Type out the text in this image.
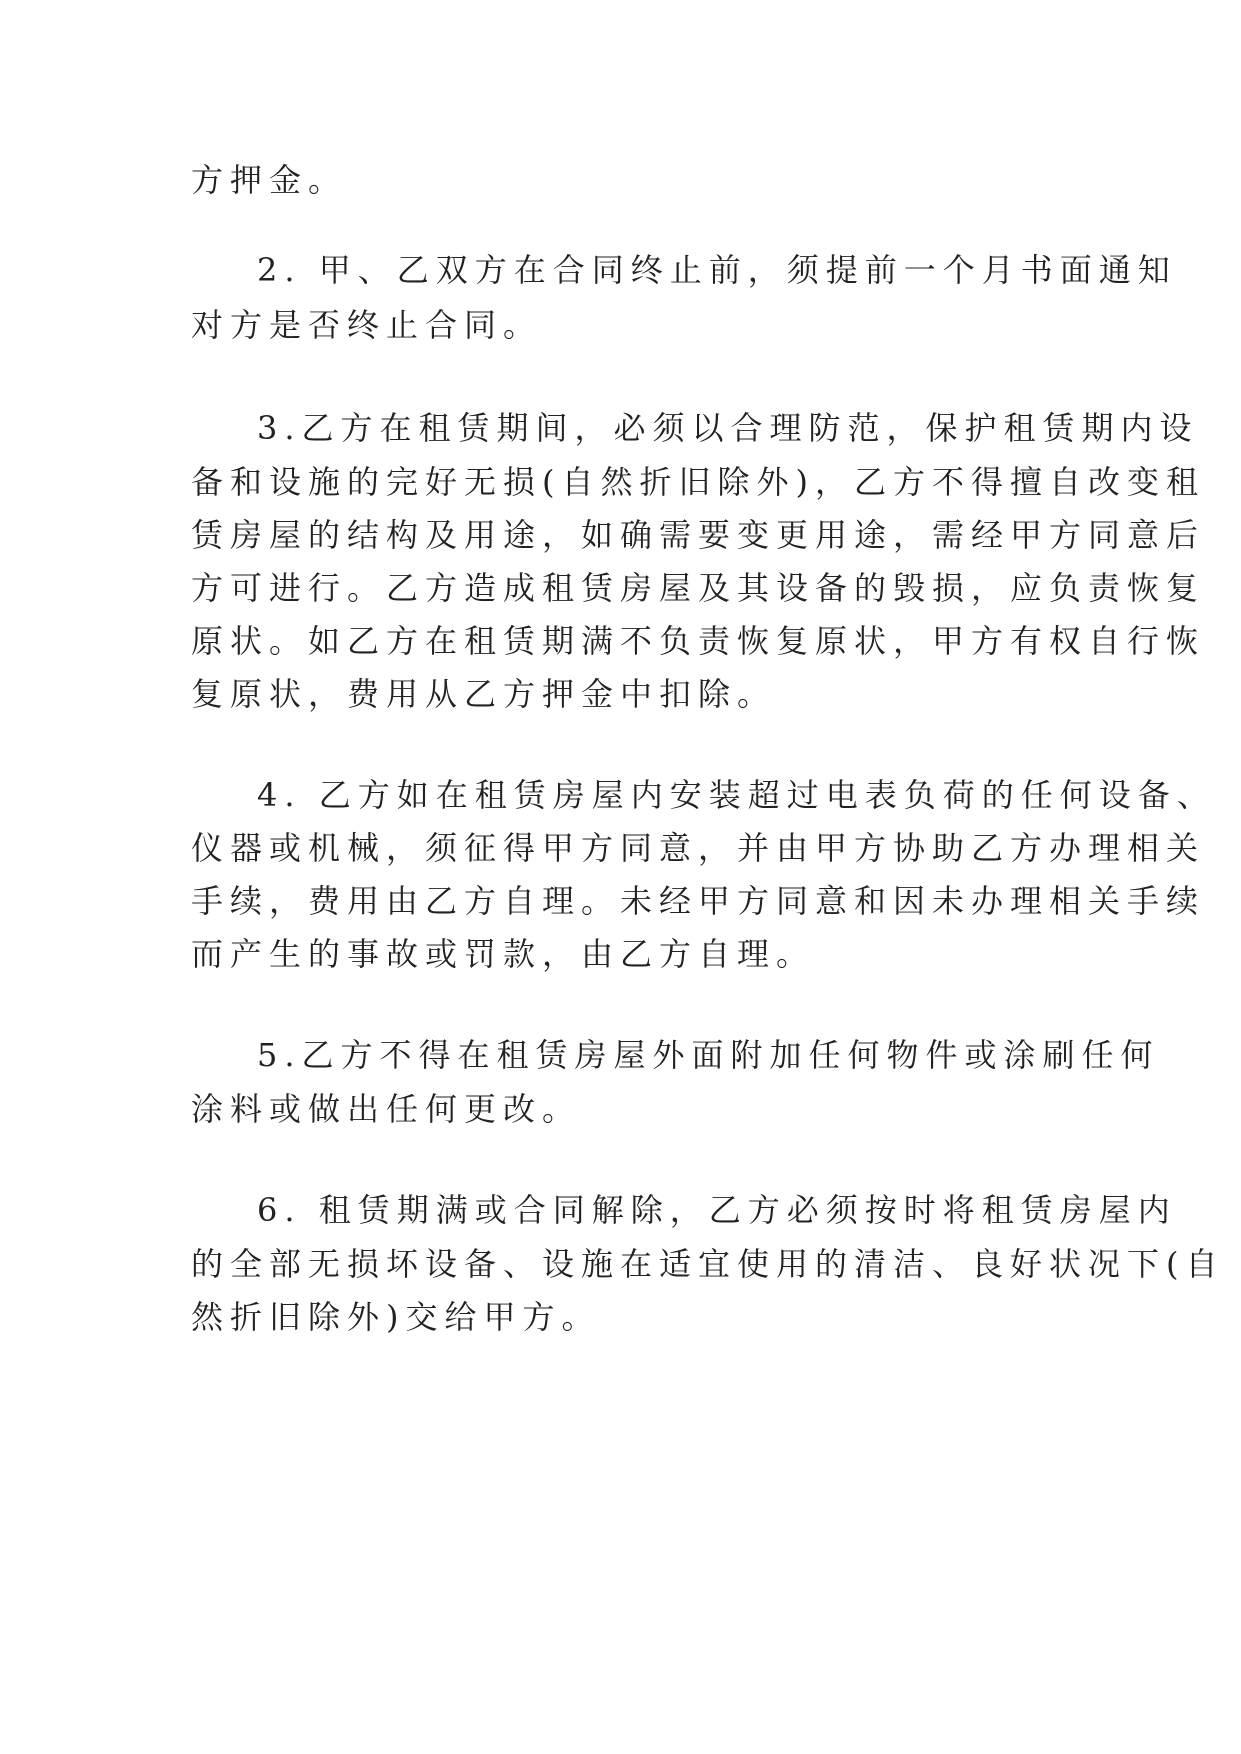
方押金。
2. 甲、乙双方在合同终止前，须提前一个月书面通知
对方是否终止合同。
3.乙方在租赁期间，必须以合理防范，保护租赁期内设
备和设施的完好无损(自然折旧除外)，乙方不得擅自改变租
赁房屋的结构及用途，如确需要变更用途，需经甲方同意后
方可进行。乙方造成租赁房屋及其设备的毁损，应负责恢复
原状。如乙方在租赁期满不负责恢复原状，甲方有权自行恢
复原状，费用从乙方押金中扣除。
4. 乙方如在租赁房屋内安装超过电表负荷的任何设备、
仪器或机械，须征得甲方同意，并由甲方协助乙方办理相关
手续，费用由乙方自理。未经甲方同意和因未办理相关手续
而产生的事故或罚款，由乙方自理。
5.乙方不得在租赁房屋外面附加任何物件或涂刷任何
涂料或做出任何更改。
6. 租赁期满或合同解除，乙方必须按时将租赁房屋内
的全部无损坏设备、设施在适宜使用的清洁、良好状况下(自
然折旧除外)交给甲方。
